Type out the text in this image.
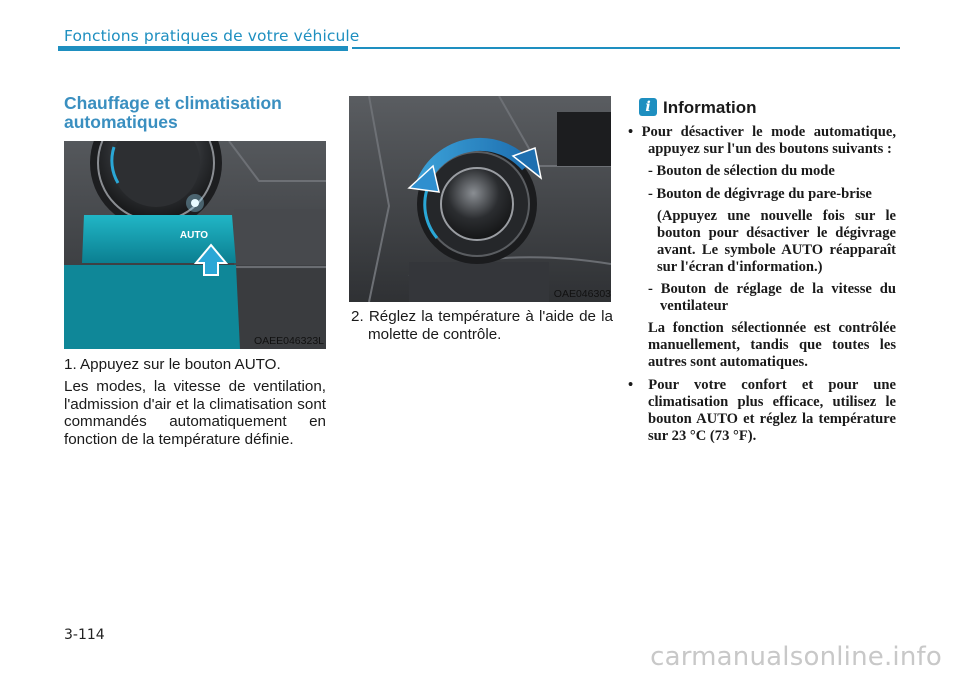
Fonctions pratiques de votre véhicule
Chauffage et climatisation automatiques
AUTO
OAEE046323L
1. Appuyez sur le bouton AUTO.
Les modes, la vitesse de ventilation, l'admission d'air et la climatisation sont commandés automatiquement en fonction de la température définie.
OAE046303
2. Réglez la température à l'aide de la molette de contrôle.
i Information
• Pour désactiver le mode automatique, appuyez sur l'un des boutons suivants :
- Bouton de sélection du mode
- Bouton de dégivrage du pare-brise
(Appuyez une nouvelle fois sur le bouton pour désactiver le dégivrage avant. Le symbole AUTO réapparaît sur l'écran d'information.)
- Bouton de réglage de la vitesse du ventilateur
La fonction sélectionnée est contrôlée manuellement, tandis que toutes les autres sont automatiques.
• Pour votre confort et pour une climatisation plus efficace, utilisez le bouton AUTO et réglez la température sur 23 °C (73 °F).
3-114
carmanualsonline.info
